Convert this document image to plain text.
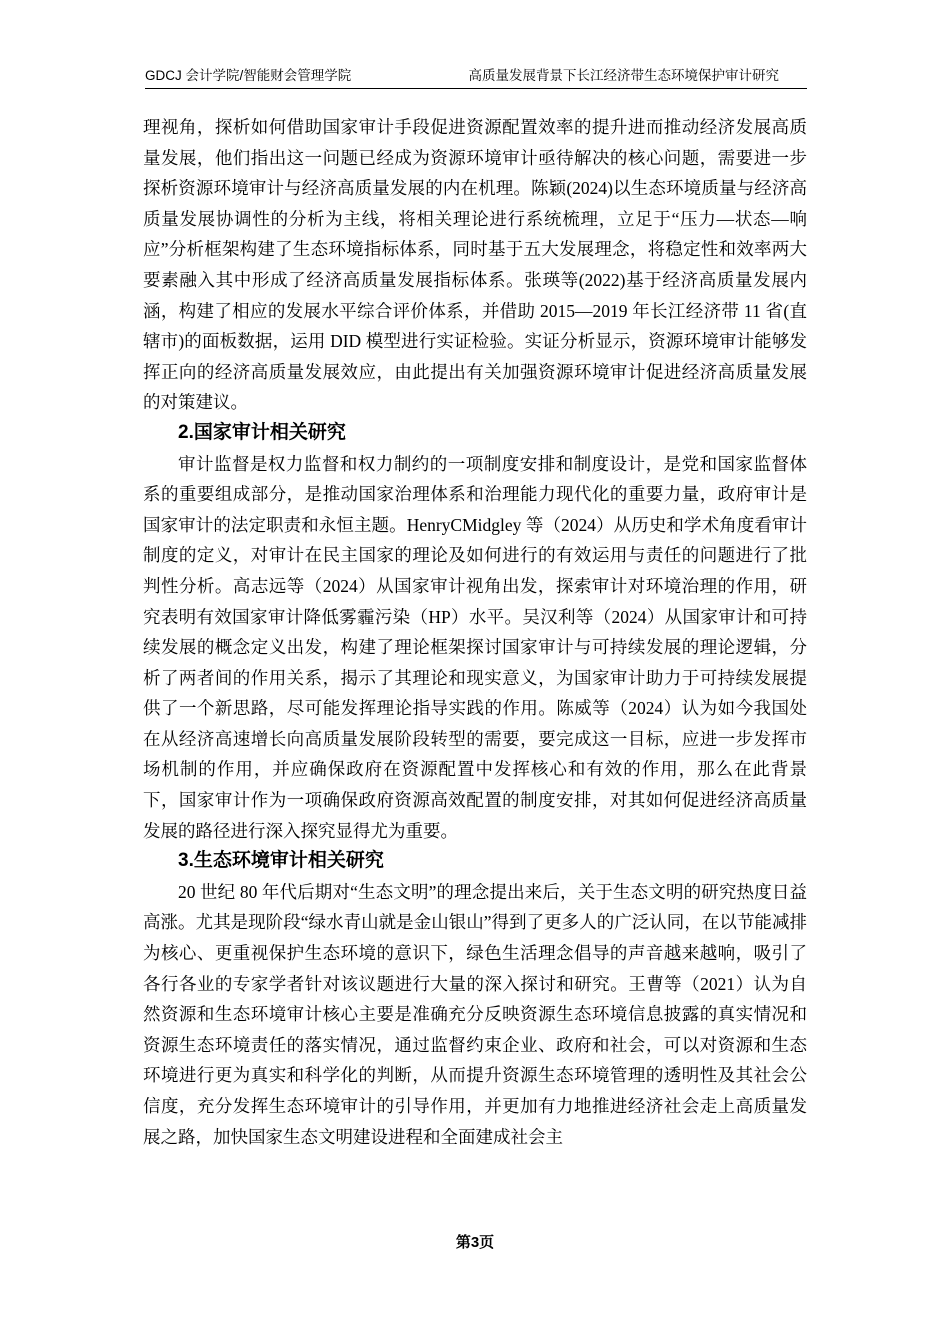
GDCJ 会计学院/智能财会管理学院	高质量发展背景下长江经济带生态环境保护审计研究

理视角，探析如何借助国家审计手段促进资源配置效率的提升进而推动经济发展高质量发展，他们指出这一问题已经成为资源环境审计亟待解决的核心问题，需要进一步探析资源环境审计与经济高质量发展的内在机理。陈颖(2024)以生态环境质量与经济高质量发展协调性的分析为主线，将相关理论进行系统梳理，立足于“压力—状态—响应”分析框架构建了生态环境指标体系，同时基于五大发展理念，将稳定性和效率两大要素融入其中形成了经济高质量发展指标体系。张瑛等(2022)基于经济高质量发展内涵，构建了相应的发展水平综合评价体系，并借助 2015—2019 年长江经济带 11 省(直辖市)的面板数据，运用 DID 模型进行实证检验。实证分析显示，资源环境审计能够发挥正向的经济高质量发展效应，由此提出有关加强资源环境审计促进经济高质量发展的对策建议。

2.国家审计相关研究

审计监督是权力监督和权力制约的一项制度安排和制度设计，是党和国家监督体系的重要组成部分，是推动国家治理体系和治理能力现代化的重要力量，政府审计是国家审计的法定职责和永恒主题。HenryCMidgley 等（2024）从历史和学术角度看审计制度的定义，对审计在民主国家的理论及如何进行的有效运用与责任的问题进行了批判性分析。高志远等（2024）从国家审计视角出发，探索审计对环境治理的作用，研究表明有效国家审计降低雾霾污染（HP）水平。吴汉利等（2024）从国家审计和可持续发展的概念定义出发，构建了理论框架探讨国家审计与可持续发展的理论逻辑，分析了两者间的作用关系，揭示了其理论和现实意义，为国家审计助力于可持续发展提供了一个新思路，尽可能发挥理论指导实践的作用。陈威等（2024）认为如今我国处在从经济高速增长向高质量发展阶段转型的需要，要完成这一目标，应进一步发挥市场机制的作用，并应确保政府在资源配置中发挥核心和有效的作用，那么在此背景下，国家审计作为一项确保政府资源高效配置的制度安排，对其如何促进经济高质量发展的路径进行深入探究显得尤为重要。

3.生态环境审计相关研究

20 世纪 80 年代后期对“生态文明”的理念提出来后，关于生态文明的研究热度日益高涨。尤其是现阶段“绿水青山就是金山银山”得到了更多人的广泛认同，在以节能减排为核心、更重视保护生态环境的意识下，绿色生活理念倡导的声音越来越响，吸引了各行各业的专家学者针对该议题进行大量的深入探讨和研究。王曹等（2021）认为自然资源和生态环境审计核心主要是准确充分反映资源生态环境信息披露的真实情况和资源生态环境责任的落实情况，通过监督约束企业、政府和社会，可以对资源和生态环境进行更为真实和科学化的判断，从而提升资源生态环境管理的透明性及其社会公信度，充分发挥生态环境审计的引导作用，并更加有力地推进经济社会走上高质量发展之路，加快国家生态文明建设进程和全面建成社会主

第3页
